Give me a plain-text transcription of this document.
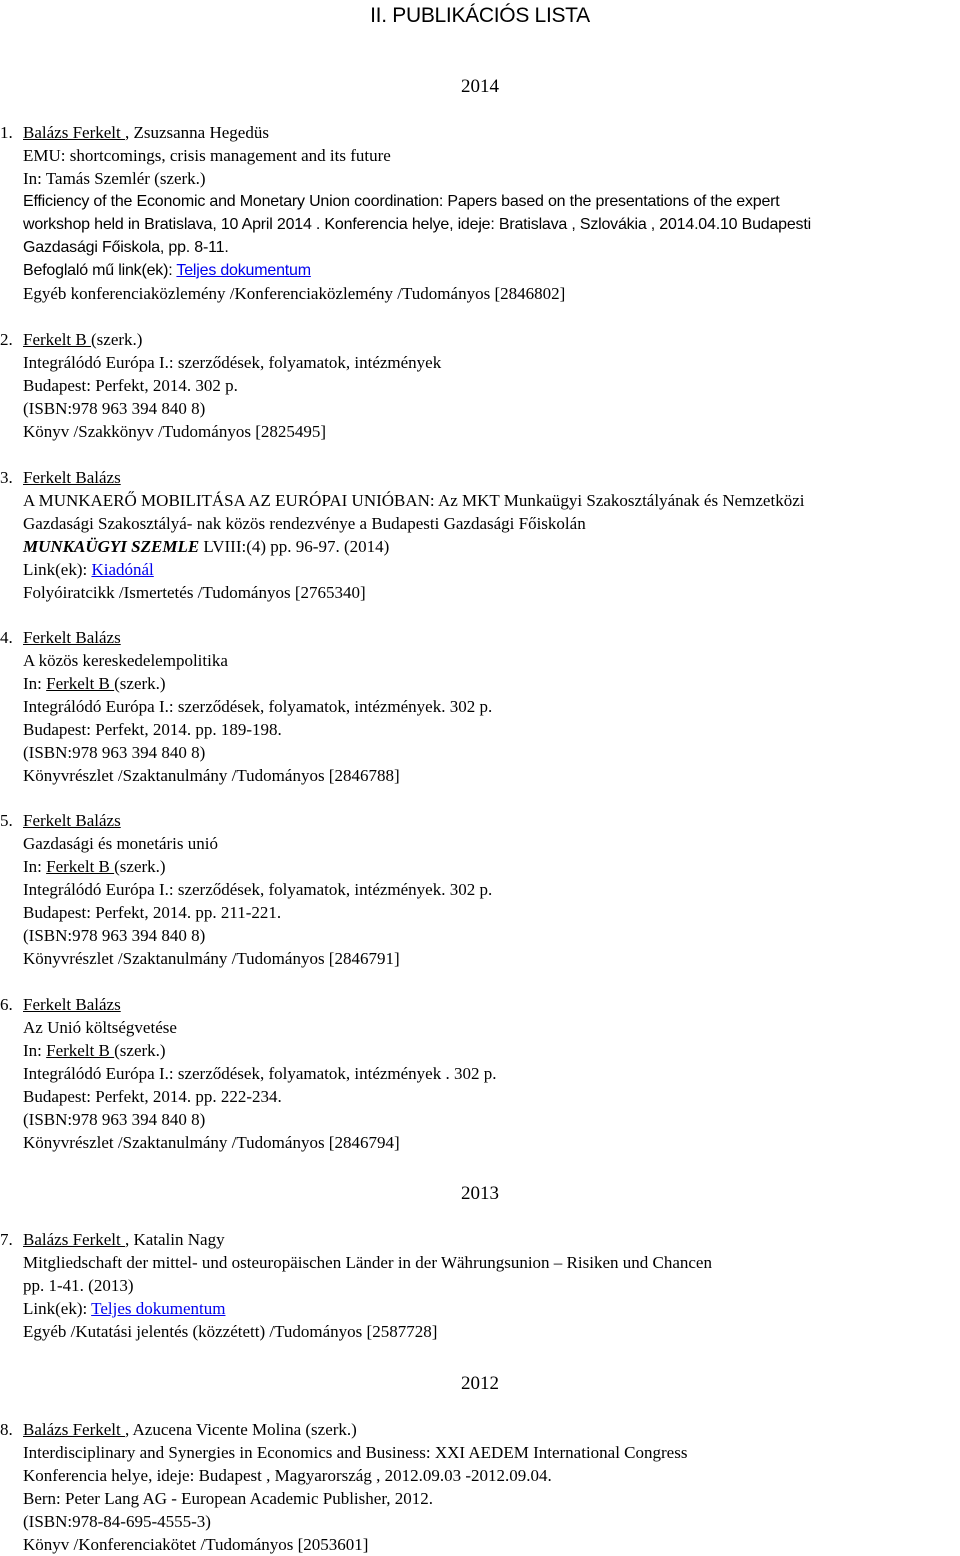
II. PUBLIKÁCIÓS LISTA
2014
1. Balázs Ferkelt , Zsuzsanna Hegedüs
EMU: shortcomings, crisis management and its future
In: Tamás Szemlér (szerk.)
Efficiency of the Economic and Monetary Union coordination: Papers based on the presentations of the expert
workshop held in Bratislava, 10 April 2014 . Konferencia helye, ideje: Bratislava , Szlovákia , 2014.04.10 Budapesti
Gazdasági Főiskola, pp. 8-11.
Befoglaló mű link(ek): Teljes dokumentum
Egyéb konferenciaközlemény /Konferenciaközlemény /Tudományos [2846802]
2. Ferkelt B (szerk.)
Integrálódó Európa I.: szerződések, folyamatok, intézmények
Budapest: Perfekt, 2014. 302 p.
(ISBN:978 963 394 840 8)
Könyv /Szakkönyv /Tudományos [2825495]
3. Ferkelt Balázs
A MUNKAERŐ MOBILITÁSA AZ EURÓPAI UNIÓBAN: Az MKT Munkaügyi Szakosztályának és Nemzetközi
Gazdasági Szakosztályá- nak közös rendezvénye a Budapesti Gazdasági Főiskolán
MUNKAÜGYI SZEMLE LVIII:(4) pp. 96-97. (2014)
Link(ek): Kiadónál
Folyóiratcikk /Ismertetés /Tudományos [2765340]
4. Ferkelt Balázs
A közös kereskedelempolitika
In: Ferkelt B (szerk.)
Integrálódó Európa I.: szerződések, folyamatok, intézmények. 302 p.
Budapest: Perfekt, 2014. pp. 189-198.
(ISBN:978 963 394 840 8)
Könyvrészlet /Szaktanulmány /Tudományos [2846788]
5. Ferkelt Balázs
Gazdasági és monetáris unió
In: Ferkelt B (szerk.)
Integrálódó Európa I.: szerződések, folyamatok, intézmények. 302 p.
Budapest: Perfekt, 2014. pp. 211-221.
(ISBN:978 963 394 840 8)
Könyvrészlet /Szaktanulmány /Tudományos [2846791]
6. Ferkelt Balázs
Az Unió költségvetése
In: Ferkelt B (szerk.)
Integrálódó Európa I.: szerződések, folyamatok, intézmények . 302 p.
Budapest: Perfekt, 2014. pp. 222-234.
(ISBN:978 963 394 840 8)
Könyvrészlet /Szaktanulmány /Tudományos [2846794]
2013
7. Balázs Ferkelt , Katalin Nagy
Mitgliedschaft der mittel- und osteuropäischen Länder in der Währungsunion – Risiken und Chancen
pp. 1-41. (2013)
Link(ek): Teljes dokumentum
Egyéb /Kutatási jelentés (közzétett) /Tudományos [2587728]
2012
8. Balázs Ferkelt , Azucena Vicente Molina (szerk.)
Interdisciplinary and Synergies in Economics and Business: XXI AEDEM International Congress
Konferencia helye, ideje: Budapest , Magyarország , 2012.09.03 -2012.09.04.
Bern: Peter Lang AG - European Academic Publisher, 2012.
(ISBN:978-84-695-4555-3)
Könyv /Konferenciakötet /Tudományos [2053601]
